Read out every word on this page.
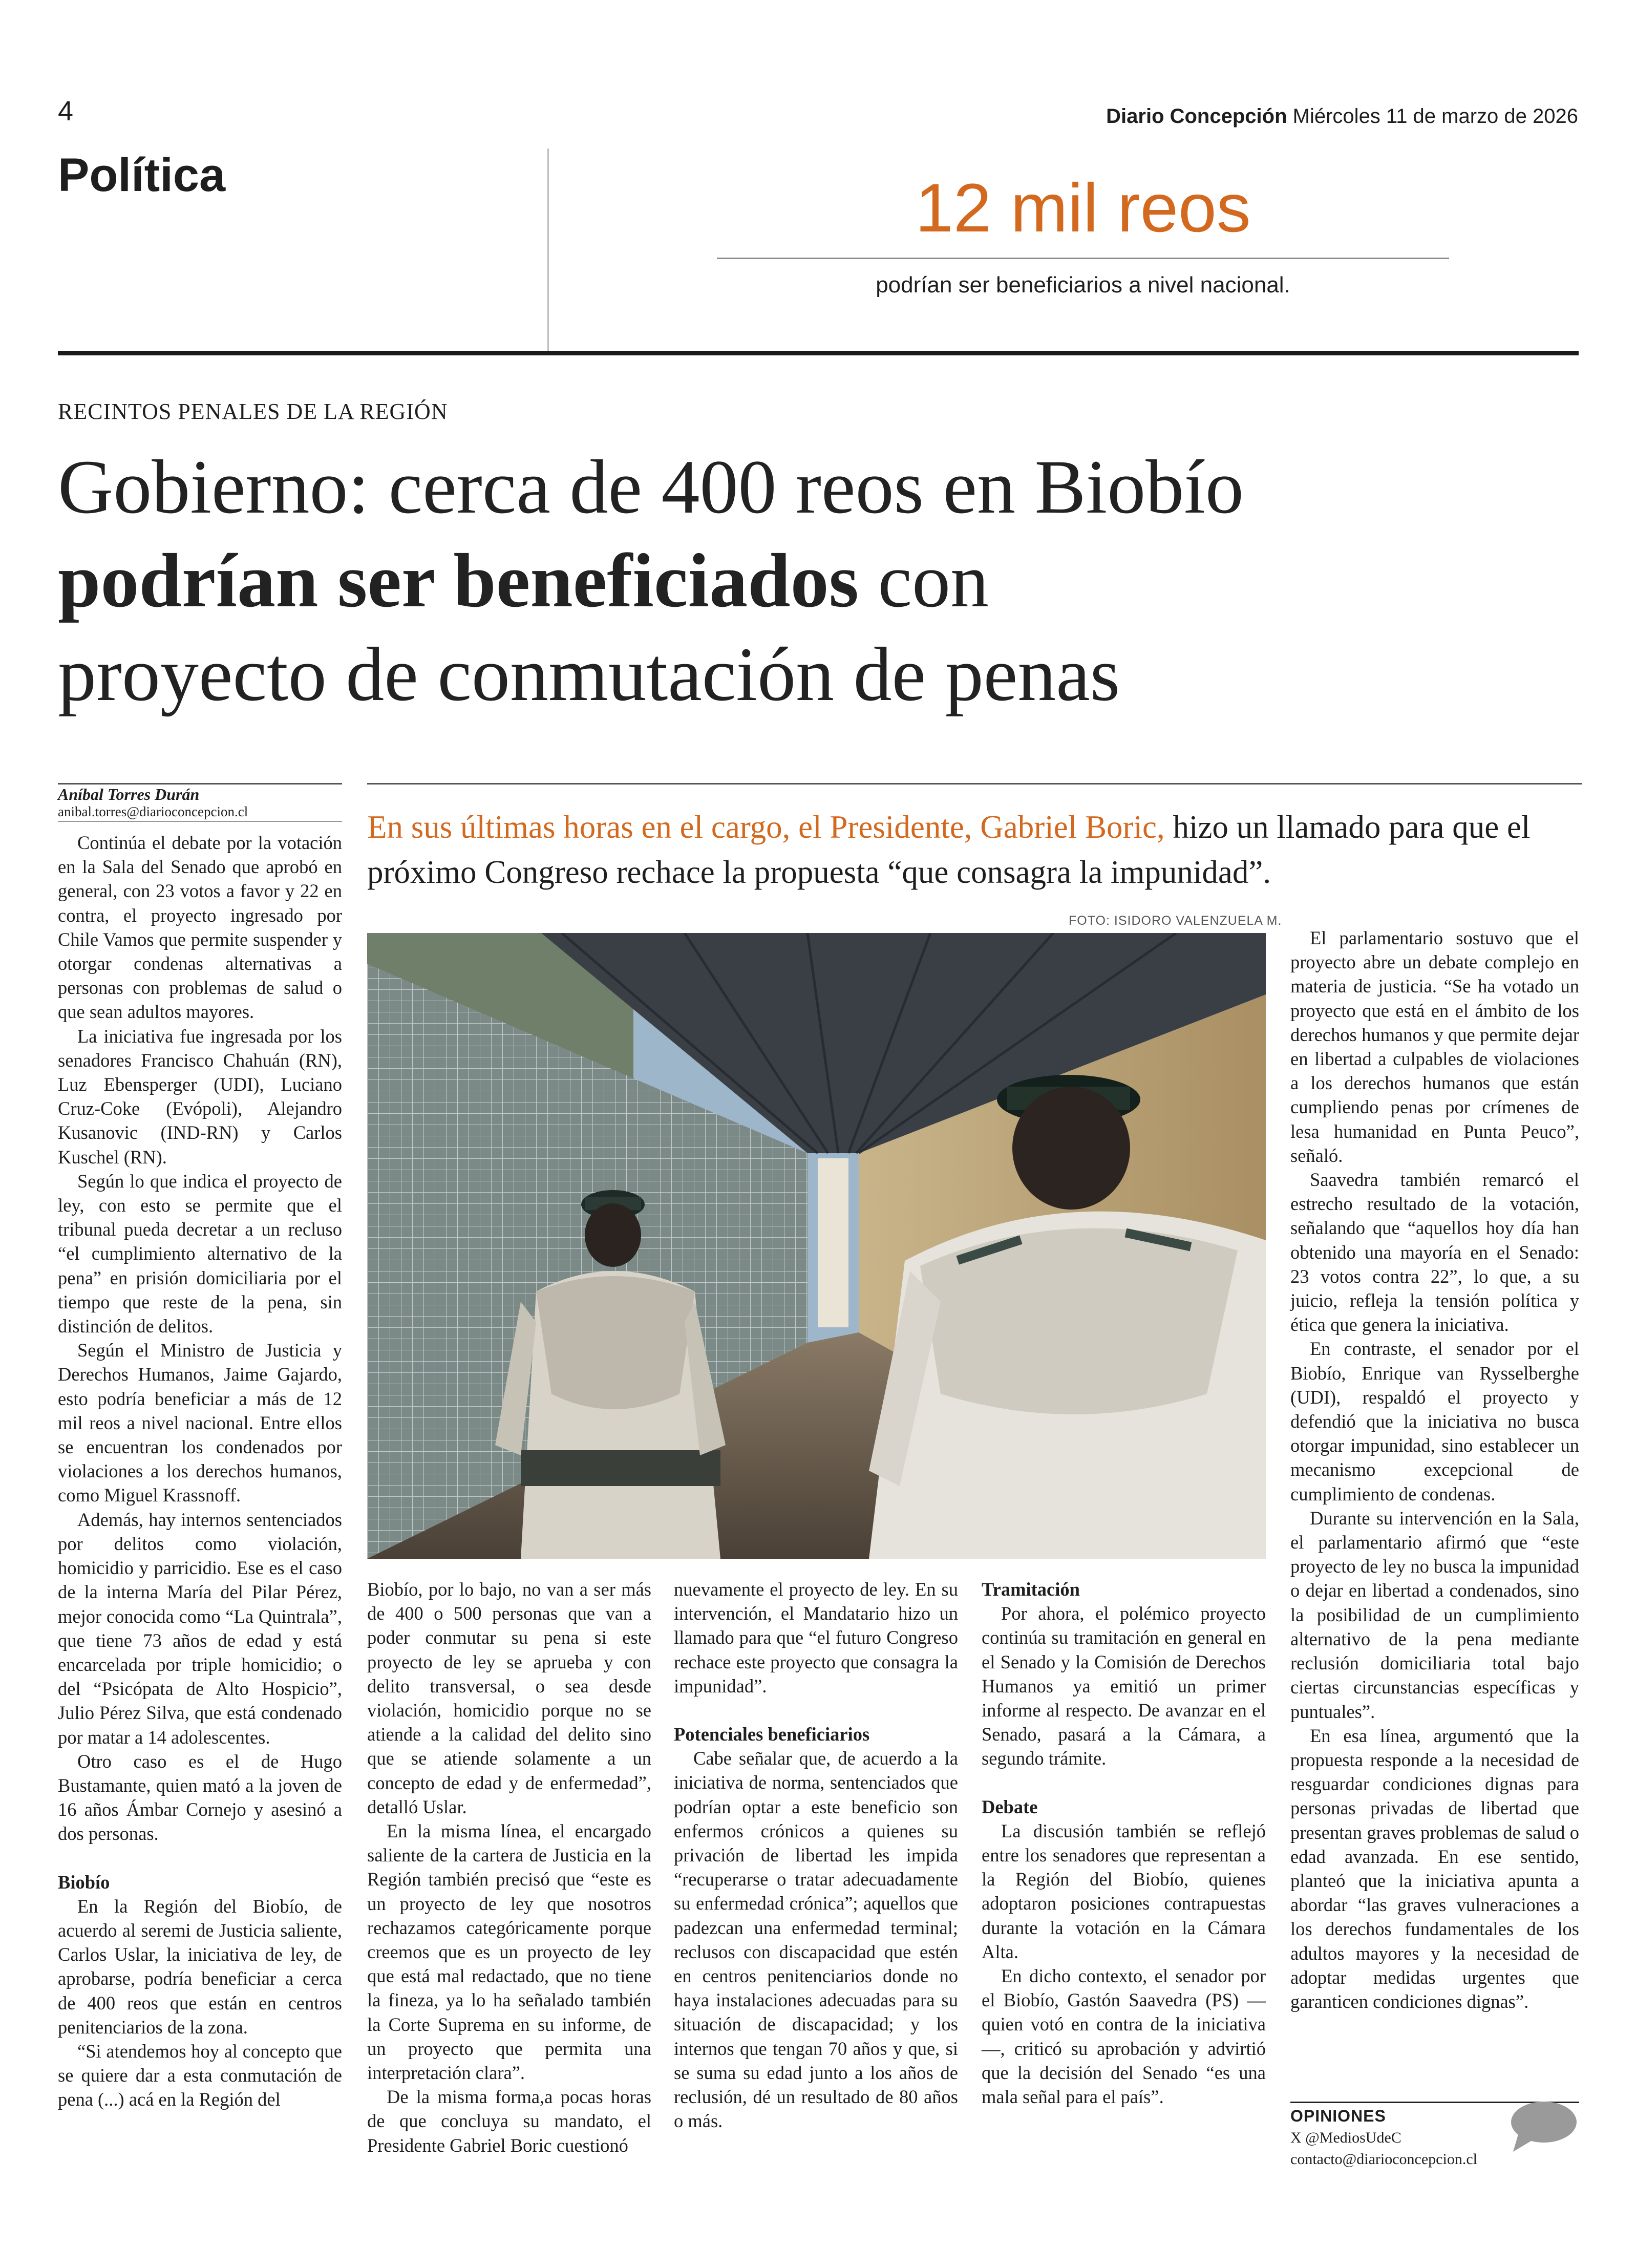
4	Diario Concepción Miércoles 11 de marzo de 2026
Política	12 mil reos
podrían ser beneficiarios a nivel nacional.
RECINTOS PENALES DE LA REGIÓN
Gobierno: cerca de 400 reos en Biobío
podrían ser beneficiados con
proyecto de conmutación de penas
Aníbal Torres Durán
anibal.torres@diarioconcepcion.cl	En sus últimas horas en el cargo, el Presidente, Gabriel Boric, hizo un llamado para que el próximo Congreso rechace la propuesta “que consagra la impunidad”.
FOTO: ISIDORO VALENZUELA M.

Continúa el debate por la votación en la Sala del Senado que aprobó en general, con 23 votos a favor y 22 en contra, el proyecto ingresado por Chile Vamos que permite suspender y otorgar condenas alternativas a personas con problemas de salud o que sean adultos mayores.

La iniciativa fue ingresada por los senadores Francisco Chahuán (RN), Luz Ebensperger (UDI), Luciano Cruz-Coke (Evópoli), Alejandro Kusanovic (IND-RN) y Carlos Kuschel (RN).

Según lo que indica el proyecto de ley, con esto se permite que el tribunal pueda decretar a un recluso “el cumplimiento alternativo de la pena” en prisión domiciliaria por el tiempo que reste de la pena, sin distinción de delitos.

Según el Ministro de Justicia y Derechos Humanos, Jaime Gajardo, esto podría beneficiar a más de 12 mil reos a nivel nacional. Entre ellos se encuentran los condenados por violaciones a los derechos humanos, como Miguel Krassnoff.

Además, hay internos sentenciados por delitos como violación, homicidio y parricidio. Ese es el caso de la interna María del Pilar Pérez, mejor conocida como “La Quintrala”, que tiene 73 años de edad y está encarcelada por triple homicidio; o del “Psicópata de Alto Hospicio”, Julio Pérez Silva, que está condenado por matar a 14 adolescentes.

Otro caso es el de Hugo Bustamante, quien mató a la joven de 16 años Ámbar Cornejo y asesinó a dos personas.

Biobío

En la Región del Biobío, de acuerdo al seremi de Justicia saliente, Carlos Uslar, la iniciativa de ley, de aprobarse, podría beneficiar a cerca de 400 reos que están en centros penitenciarios de la zona.

“Si atendemos hoy al concepto que se quiere dar a esta conmutación de pena (...) acá en la Región del

Biobío, por lo bajo, no van a ser más de 400 o 500 personas que van a poder conmutar su pena si este proyecto de ley se aprueba y con delito transversal, o sea desde violación, homicidio porque no se atiende a la calidad del delito sino que se atiende solamente a un concepto de edad y de enfermedad”, detalló Uslar.

En la misma línea, el encargado saliente de la cartera de Justicia en la Región también precisó que “este es un proyecto de ley que nosotros rechazamos categóricamente porque creemos que es un proyecto de ley que está mal redactado, que no tiene la fineza, ya lo ha señalado también la Corte Suprema en su informe, de un proyecto que permita una interpretación clara”.

De la misma forma,a pocas horas de que concluya su mandato, el Presidente Gabriel Boric cuestionó

nuevamente el proyecto de ley. En su intervención, el Mandatario hizo un llamado para que “el futuro Congreso rechace este proyecto que consagra la impunidad”.

Potenciales beneficiarios

Cabe señalar que, de acuerdo a la iniciativa de norma, sentenciados que podrían optar a este beneficio son enfermos crónicos a quienes su privación de libertad les impida “recuperarse o tratar adecuadamente su enfermedad crónica”; aquellos que padezcan una enfermedad terminal; reclusos con discapacidad que estén en centros penitenciarios donde no haya instalaciones adecuadas para su situación de discapacidad; y los internos que tengan 70 años y que, si se suma su edad junto a los años de reclusión, dé un resultado de 80 años o más.

Tramitación

Por ahora, el polémico proyecto continúa su tramitación en general en el Senado y la Comisión de Derechos Humanos ya emitió un primer informe al respecto. De avanzar en el Senado, pasará a la Cámara, a segundo trámite.

Debate

La discusión también se reflejó entre los senadores que representan a la Región del Biobío, quienes adoptaron posiciones contrapuestas durante la votación en la Cámara Alta.

En dicho contexto, el senador por el Biobío, Gastón Saavedra (PS) —quien votó en contra de la iniciativa—, criticó su aprobación y advirtió que la decisión del Senado “es una mala señal para el país”.

El parlamentario sostuvo que el proyecto abre un debate complejo en materia de justicia. “Se ha votado un proyecto que está en el ámbito de los derechos humanos y que permite dejar en libertad a culpables de violaciones a los derechos humanos que están cumpliendo penas por crímenes de lesa humanidad en Punta Peuco”, señaló.

Saavedra también remarcó el estrecho resultado de la votación, señalando que “aquellos hoy día han obtenido una mayoría en el Senado: 23 votos contra 22”, lo que, a su juicio, refleja la tensión política y ética que genera la iniciativa.

En contraste, el senador por el Biobío, Enrique van Rysselberghe (UDI), respaldó el proyecto y defendió que la iniciativa no busca otorgar impunidad, sino establecer un mecanismo excepcional de cumplimiento de condenas.

Durante su intervención en la Sala, el parlamentario afirmó que “este proyecto de ley no busca la impunidad o dejar en libertad a condenados, sino la posibilidad de un cumplimiento alternativo de la pena mediante reclusión domiciliaria total bajo ciertas circunstancias específicas y puntuales”.

En esa línea, argumentó que la propuesta responde a la necesidad de resguardar condiciones dignas para personas privadas de libertad que presentan graves problemas de salud o edad avanzada. En ese sentido, planteó que la iniciativa apunta a abordar “las graves vulneraciones a los derechos fundamentales de los adultos mayores y la necesidad de adoptar medidas urgentes que garanticen condiciones dignas”.

OPINIONES
X @MediosUdeC
contacto@diarioconcepcion.cl
